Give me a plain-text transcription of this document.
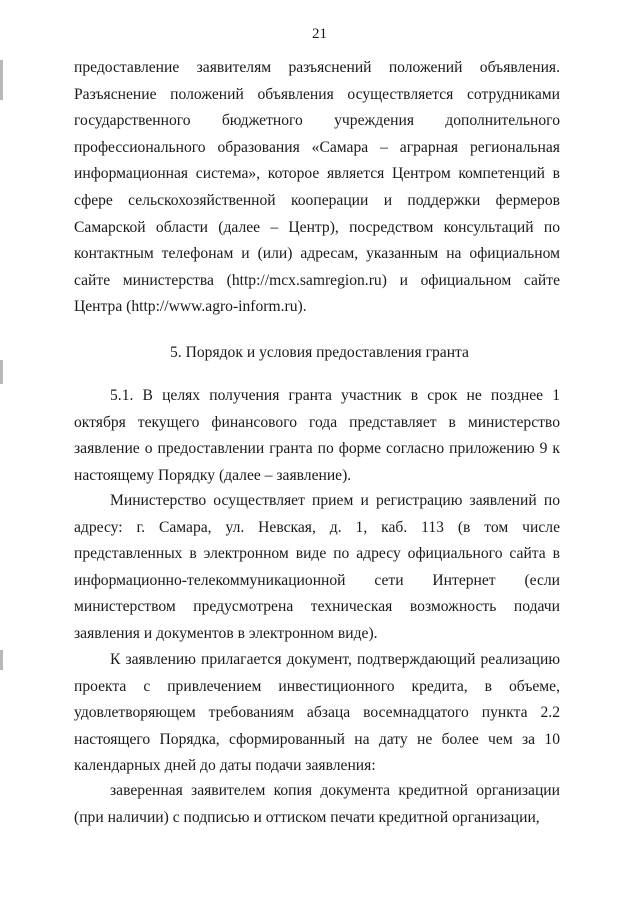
21

предоставление заявителям разъяснений положений объявления. Разъяснение положений объявления осуществляется сотрудниками государственного бюджетного учреждения дополнительного профессионального образования «Самара – аграрная региональная информационная система», которое является Центром компетенций в сфере сельскохозяйственной кооперации и поддержки фермеров Самарской области (далее – Центр), посредством консультаций по контактным телефонам и (или) адресам, указанным на официальном сайте министерства (http://mcx.samregion.ru) и официальном сайте Центра (http://www.agro-inform.ru).

5. Порядок и условия предоставления гранта

5.1. В целях получения гранта участник в срок не позднее 1 октября текущего финансового года представляет в министерство заявление о предоставлении гранта по форме согласно приложению 9 к настоящему Порядку (далее – заявление).

Министерство осуществляет прием и регистрацию заявлений по адресу: г. Самара, ул. Невская, д. 1, каб. 113 (в том числе представленных в электронном виде по адресу официального сайта в информационно-телекоммуникационной сети Интернет (если министерством предусмотрена техническая возможность подачи заявления и документов в электронном виде).

К заявлению прилагается документ, подтверждающий реализацию проекта с привлечением инвестиционного кредита, в объеме, удовлетворяющем требованиям абзаца восемнадцатого пункта 2.2 настоящего Порядка, сформированный на дату не более чем за 10 календарных дней до даты подачи заявления:

заверенная заявителем копия документа кредитной организации (при наличии) с подписью и оттиском печати кредитной организации,
